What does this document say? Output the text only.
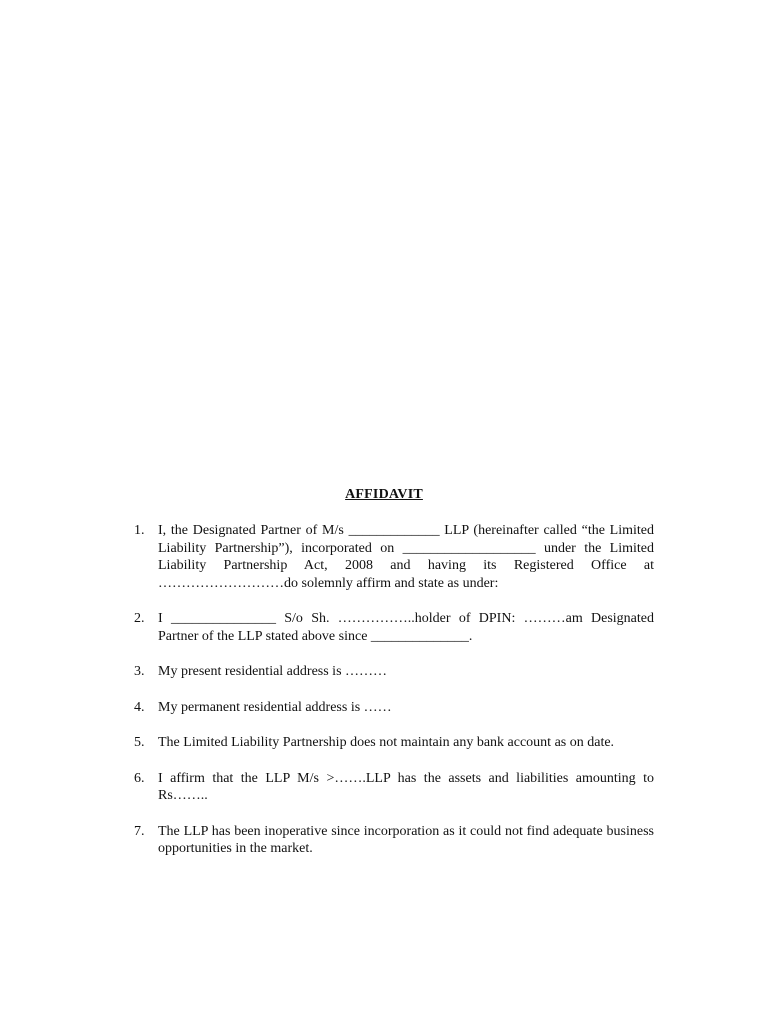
AFFIDAVIT
1. I, the Designated Partner of M/s _____________ LLP (hereinafter called “the Limited Liability Partnership”), incorporated on ___________________ under the Limited Liability Partnership Act, 2008 and having its Registered Office at ………………………do solemnly affirm and state as under:
2. I _______________ S/o Sh. ……………..holder of DPIN: ………am Designated Partner of the LLP stated above since ______________.
3. My present residential address is ………
4. My permanent residential address is ……
5. The Limited Liability Partnership does not maintain any bank account as on date.
6. I affirm that the LLP M/s >…….LLP has the assets and liabilities amounting to Rs……..
7. The LLP has been inoperative since incorporation as it could not find adequate business opportunities in the market.
